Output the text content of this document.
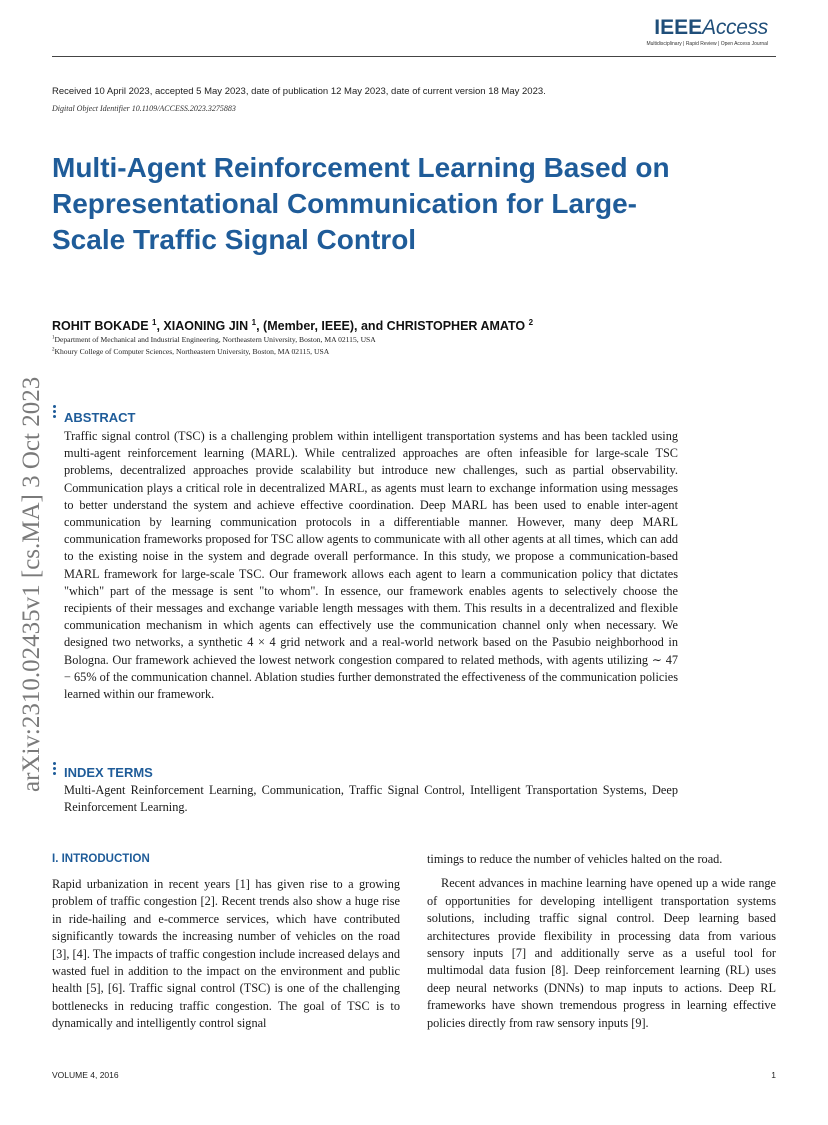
IEEEAccess
Multidisciplinary | Rapid Review | Open Access Journal
Received 10 April 2023, accepted 5 May 2023, date of publication 12 May 2023, date of current version 18 May 2023.
Digital Object Identifier 10.1109/ACCESS.2023.3275883
Multi-Agent Reinforcement Learning Based on Representational Communication for Large-Scale Traffic Signal Control
ROHIT BOKADE $^1$, XIAONING JIN $^1$, (Member, IEEE), and CHRISTOPHER AMATO $^2$
$^1$Department of Mechanical and Industrial Engineering, Northeastern University, Boston, MA 02115, USA
$^2$Khoury College of Computer Sciences, Northeastern University, Boston, MA 02115, USA
arXiv:2310.02435v1 [cs.MA] 3 Oct 2023 ABSTRACT
Traffic signal control (TSC) is a challenging problem within intelligent transportation systems and has been tackled using multi-agent reinforcement learning (MARL). While centralized approaches are often infeasible for large-scale TSC problems, decentralized approaches provide scalability but introduce new challenges, such as partial observability. Communication plays a critical role in decentralized MARL, as agents must learn to exchange information using messages to better understand the system and achieve effective coordination. Deep MARL has been used to enable inter-agent communication by learning communication protocols in a differentiable manner. However, many deep MARL communication frameworks proposed for TSC allow agents to communicate with all other agents at all times, which can add to the existing noise in the system and degrade overall performance. In this study, we propose a communication-based MARL framework for large-scale TSC. Our framework allows each agent to learn a communication policy that dictates "which" part of the message is sent "to whom". In essence, our framework enables agents to selectively choose the recipients of their messages and exchange variable length messages with them. This results in a decentralized and flexible communication mechanism in which agents can effectively use the communication channel only when necessary. We designed two networks, a synthetic 4 × 4 grid network and a real-world network based on the Pasubio neighborhood in Bologna. Our framework achieved the lowest network congestion compared to related methods, with agents utilizing ∼ 47 − 65% of the communication channel. Ablation studies further demonstrated the effectiveness of the communication policies learned within our framework.
INDEX TERMS
Multi-Agent Reinforcement Learning, Communication, Traffic Signal Control, Intelligent Transportation Systems, Deep Reinforcement Learning.
I. INTRODUCTION

Rapid urbanization in recent years [1] has given rise to a growing problem of traffic congestion [2]. Recent trends also show a huge rise in ride-hailing and e-commerce services, which have contributed significantly towards the increasing number of vehicles on the road [3], [4]. The impacts of traffic congestion include increased delays and wasted fuel in addition to the impact on the environment and public health [5], [6]. Traffic signal control (TSC) is one of the challenging bottlenecks in reducing traffic congestion. The goal of TSC is to dynamically and intelligently control signal

timings to reduce the number of vehicles halted on the road.

Recent advances in machine learning have opened up a wide range of opportunities for developing intelligent transportation systems solutions, including traffic signal control. Deep learning based architectures provide flexibility in processing data from various sensory inputs [7] and additionally serve as a useful tool for multimodal data fusion [8]. Deep reinforcement learning (RL) uses deep neural networks (DNNs) to map inputs to actions. Deep RL frameworks have shown tremendous progress in learning effective policies directly from raw sensory inputs [9].

VOLUME 4, 2016	1
